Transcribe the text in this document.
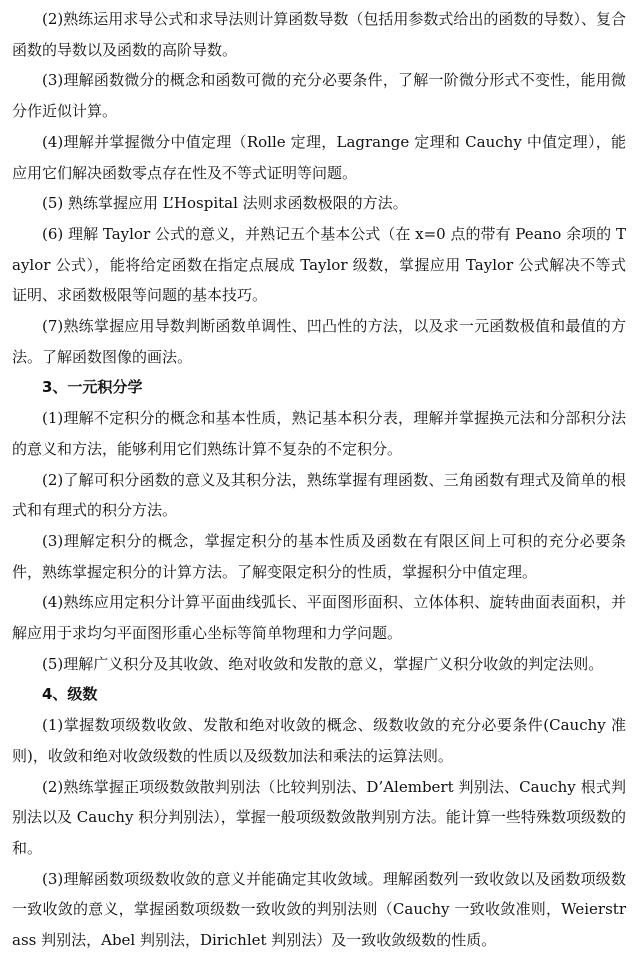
(2)熟练运用求导公式和求导法则计算函数导数（包括用参数式给出的函数的导数）、复合函数的导数以及函数的高阶导数。

(3)理解函数微分的概念和函数可微的充分必要条件，了解一阶微分形式不变性，能用微分作近似计算。

(4)理解并掌握微分中值定理（Rolle 定理，Lagrange 定理和 Cauchy 中值定理），能应用它们解决函数零点存在性及不等式证明等问题。

(5) 熟练掌握应用 L’Hospital 法则求函数极限的方法。

(6) 理解 Taylor 公式的意义，并熟记五个基本公式（在 x=0 点的带有 Peano 余项的 Taylor 公式），能将给定函数在指定点展成 Taylor 级数，掌握应用 Taylor 公式解决不等式证明、求函数极限等问题的基本技巧。

(7)熟练掌握应用导数判断函数单调性、凹凸性的方法，以及求一元函数极值和最值的方法。了解函数图像的画法。

3、一元积分学

(1)理解不定积分的概念和基本性质，熟记基本积分表，理解并掌握换元法和分部积分法的意义和方法，能够利用它们熟练计算不复杂的不定积分。

(2)了解可积分函数的意义及其积分法，熟练掌握有理函数、三角函数有理式及简单的根式和有理式的积分方法。

(3)理解定积分的概念，掌握定积分的基本性质及函数在有限区间上可积的充分必要条件，熟练掌握定积分的计算方法。了解变限定积分的性质，掌握积分中值定理。

(4)熟练应用定积分计算平面曲线弧长、平面图形面积、立体体积、旋转曲面表面积，并解应用于求均匀平面图形重心坐标等简单物理和力学问题。

(5)理解广义积分及其收敛、绝对收敛和发散的意义，掌握广义积分收敛的判定法则。

4、级数

(1)掌握数项级数收敛、发散和绝对收敛的概念、级数收敛的充分必要条件(Cauchy 准则)，收敛和绝对收敛级数的性质以及级数加法和乘法的运算法则。

(2)熟练掌握正项级数敛散判别法（比较判别法、D’Alembert 判别法、Cauchy 根式判别法以及 Cauchy 积分判别法），掌握一般项级数敛散判别方法。能计算一些特殊数项级数的和。

(3)理解函数项级数收敛的意义并能确定其收敛域。理解函数列一致收敛以及函数项级数一致收敛的意义，掌握函数项级数一致收敛的判别法则（Cauchy 一致收敛准则，Weierstrass 判别法，Abel 判别法，Dirichlet 判别法）及一致收敛级数的性质。
